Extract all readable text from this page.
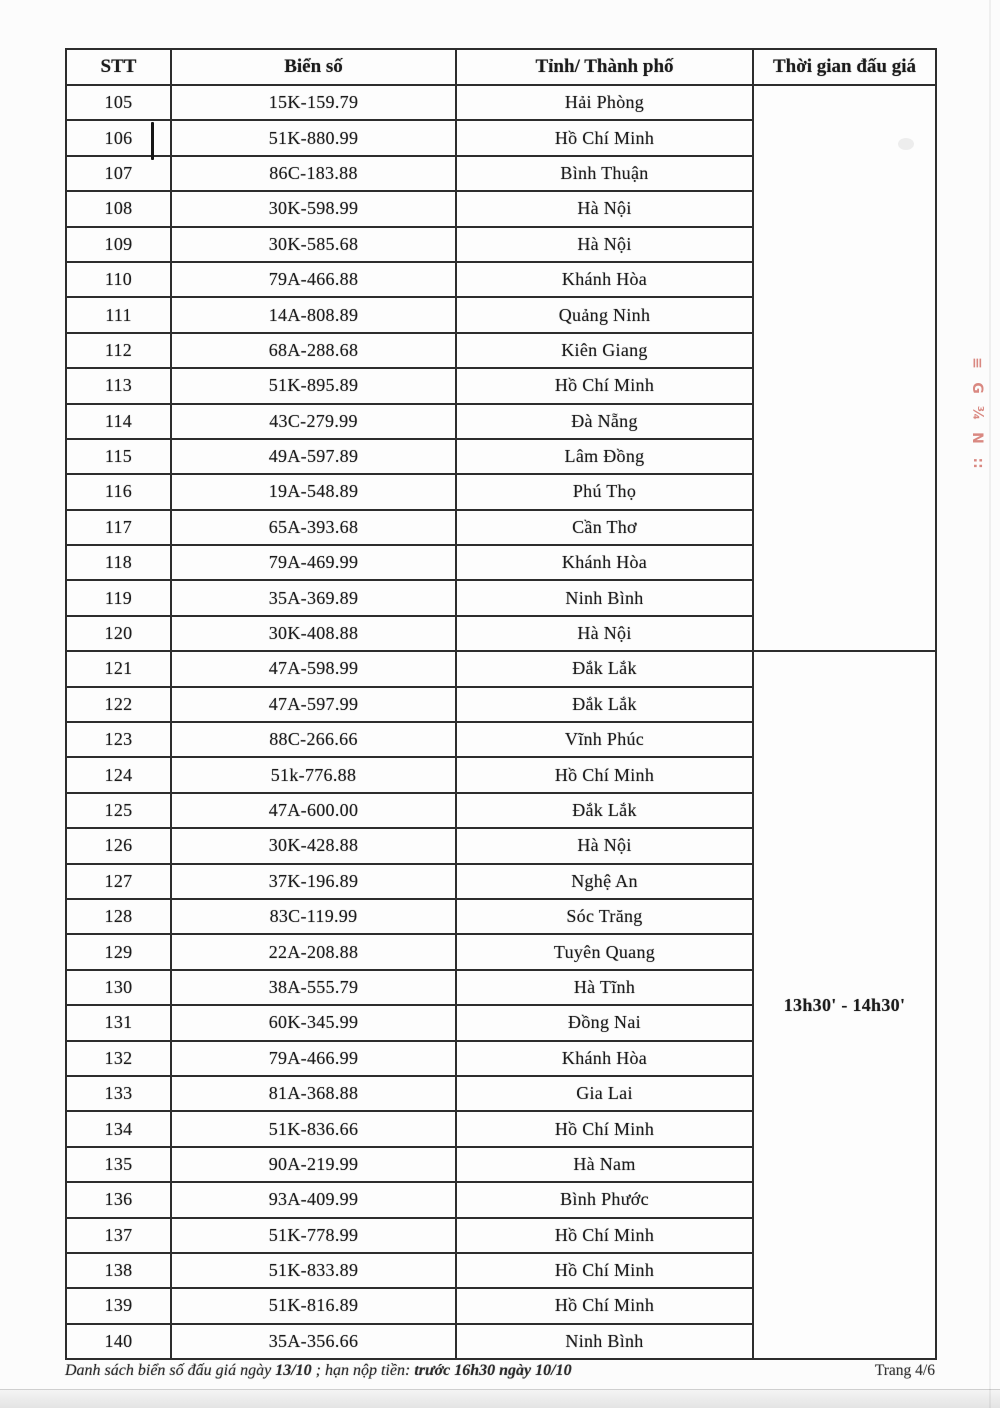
STT	Biển số	Tỉnh/ Thành phố	Thời gian đấu giá
105	15K-159.79	Hải Phòng	
106	51K-880.99	Hồ Chí Minh	
107	86C-183.88	Bình Thuận	
108	30K-598.99	Hà Nội	
109	30K-585.68	Hà Nội	
110	79A-466.88	Khánh Hòa	
111	14A-808.89	Quảng Ninh	
112	68A-288.68	Kiên Giang	
113	51K-895.89	Hồ Chí Minh	
114	43C-279.99	Đà Nẵng	
115	49A-597.89	Lâm Đồng	
116	19A-548.89	Phú Thọ	
117	65A-393.68	Cần Thơ	
118	79A-469.99	Khánh Hòa	
119	35A-369.89	Ninh Bình	
120	30K-408.88	Hà Nội	
121	47A-598.99	Đắk Lắk	13h30' - 14h30'
122	47A-597.99	Đắk Lắk	
123	88C-266.66	Vĩnh Phúc	
124	51k-776.88	Hồ Chí Minh	
125	47A-600.00	Đắk Lắk	
126	30K-428.88	Hà Nội	
127	37K-196.89	Nghệ An	
128	83C-119.99	Sóc Trăng	
129	22A-208.88	Tuyên Quang	
130	38A-555.79	Hà Tĩnh	
131	60K-345.99	Đồng Nai	
132	79A-466.99	Khánh Hòa	
133	81A-368.88	Gia Lai	
134	51K-836.66	Hồ Chí Minh	
135	90A-219.99	Hà Nam	
136	93A-409.99	Bình Phước	
137	51K-778.99	Hồ Chí Minh	
138	51K-833.89	Hồ Chí Minh	
139	51K-816.89	Hồ Chí Minh	
140	35A-356.66	Ninh Bình	
≡
G
¾
N
∷
Danh sách biển số đấu giá ngày 13/10 ; hạn nộp tiền: trước 16h30 ngày 10/10	Trang 4/6
